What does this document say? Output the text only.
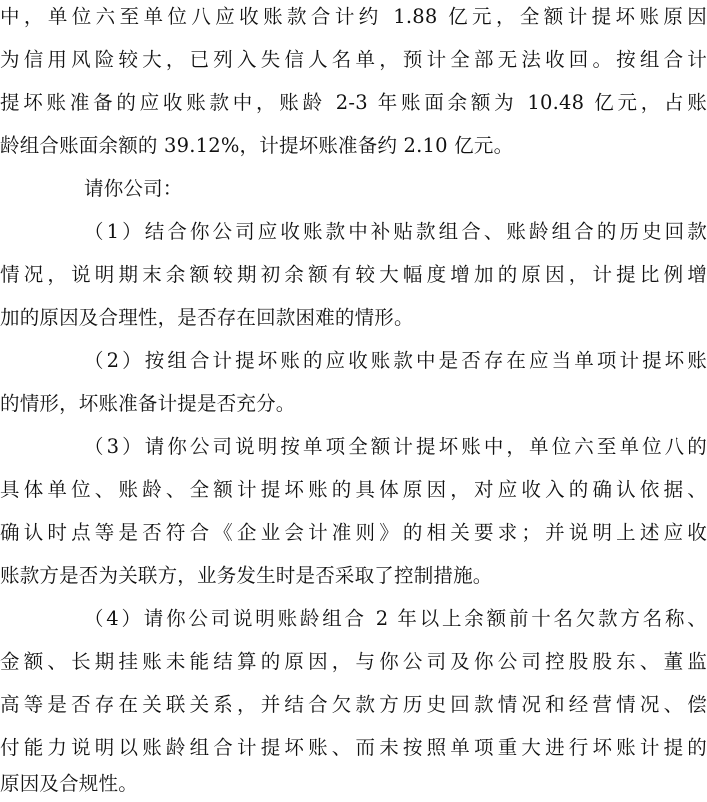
中，单位六至单位八应收账款合计约 1.88 亿元，全额计提坏账原因
为信用风险较大，已列入失信人名单，预计全部无法收回。按组合计
提坏账准备的应收账款中，账龄 2-3 年账面余额为 10.48 亿元，占账
龄组合账面余额的 39.12%，计提坏账准备约 2.10 亿元。
请你公司：
（1）结合你公司应收账款中补贴款组合、账龄组合的历史回款
情况，说明期末余额较期初余额有较大幅度增加的原因，计提比例增
加的原因及合理性，是否存在回款困难的情形。
（2）按组合计提坏账的应收账款中是否存在应当单项计提坏账
的情形，坏账准备计提是否充分。
（3）请你公司说明按单项全额计提坏账中，单位六至单位八的
具体单位、账龄、全额计提坏账的具体原因，对应收入的确认依据、
确认时点等是否符合《企业会计准则》的相关要求；并说明上述应收
账款方是否为关联方，业务发生时是否采取了控制措施。
（4）请你公司说明账龄组合 2 年以上余额前十名欠款方名称、
金额、长期挂账未能结算的原因，与你公司及你公司控股股东、董监
高等是否存在关联关系，并结合欠款方历史回款情况和经营情况、偿
付能力说明以账龄组合计提坏账、而未按照单项重大进行坏账计提的
原因及合规性。
